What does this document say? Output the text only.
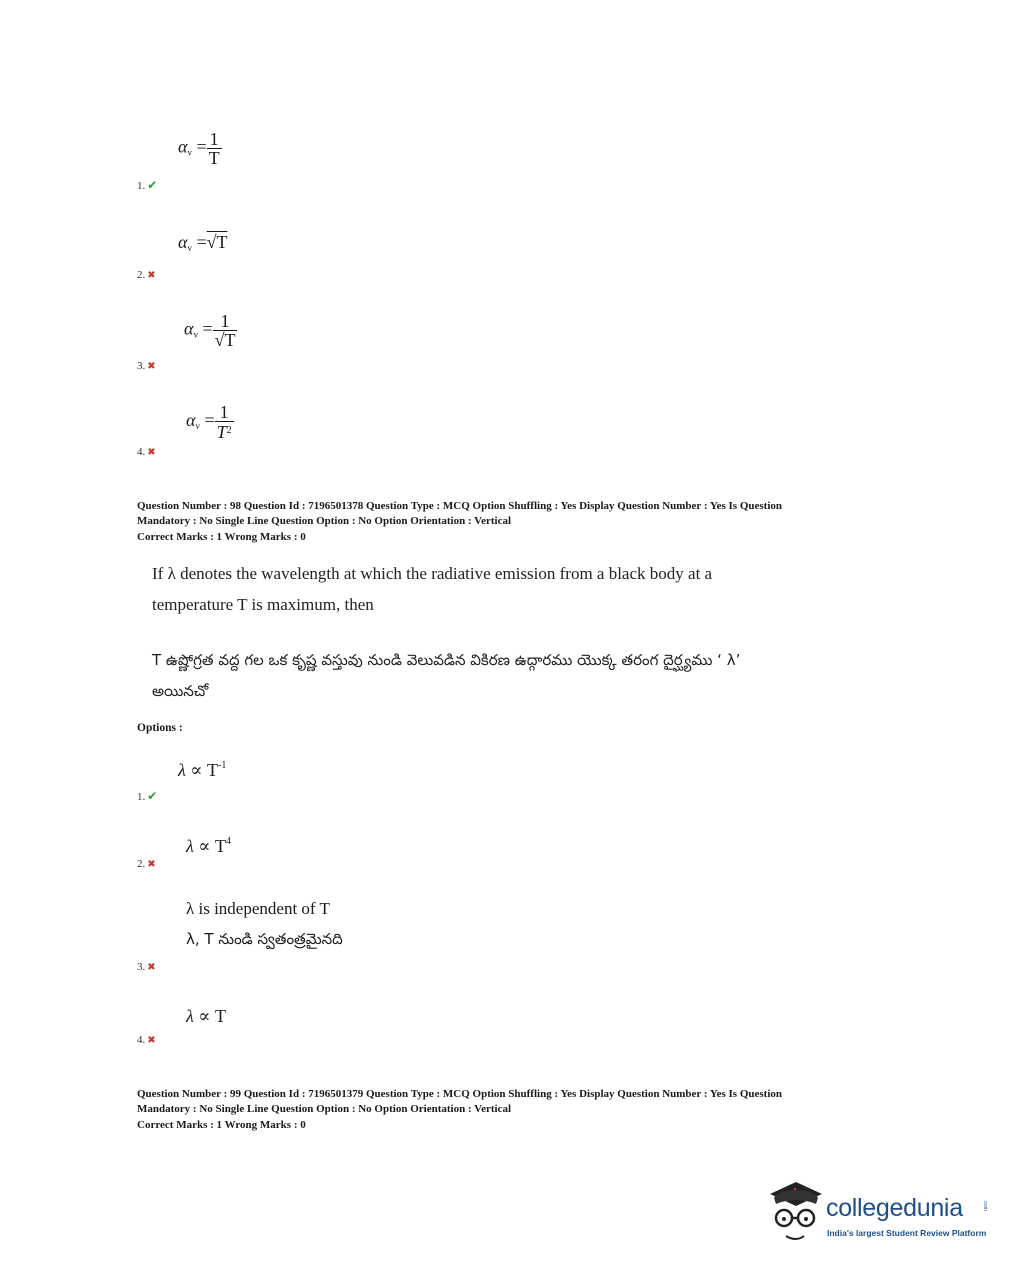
$\alpha_v = \frac{1}{T}$
1. ✔
$\alpha_v =√T$
2. ✖
$\alpha_v = \frac{1}{√T}$
3. ✖
$\alpha_v = \frac{1}{T^2}$
4. ✖
Question Number : 98 Question Id : 7196501378 Question Type : MCQ Option Shuffling : Yes Display Question Number : Yes Is Question
Mandatory : No Single Line Question Option : No Option Orientation : Vertical
Correct Marks : 1 Wrong Marks : 0
If λ denotes the wavelength at which the radiative emission from a black body at a
temperature T is maximum, then
T ఉష్ణోగ్రత వద్ద గల ఒక కృష్ణ వస్తువు నుండి వెలువడిన వికిరణ ఉద్గారము యొక్క తరంగ దైర్ఘ్యము ‘ λ’
అయినచో
Options :
$\lambda \propto T^{-1}$
1. ✔
$\lambda \propto T^4$
2. ✖
λ is independent of T
λ, T నుండి స్వతంత్రమైనది
3. ✖
λ ∝ T
4. ✖
Question Number : 99 Question Id : 7196501379 Question Type : MCQ Option Shuffling : Yes Display Question Number : Yes Is Question
Mandatory : No Single Line Question Option : No Option Orientation : Vertical
Correct Marks : 1 Wrong Marks : 0
collegedunia	.com
India's largest Student Review Platform
